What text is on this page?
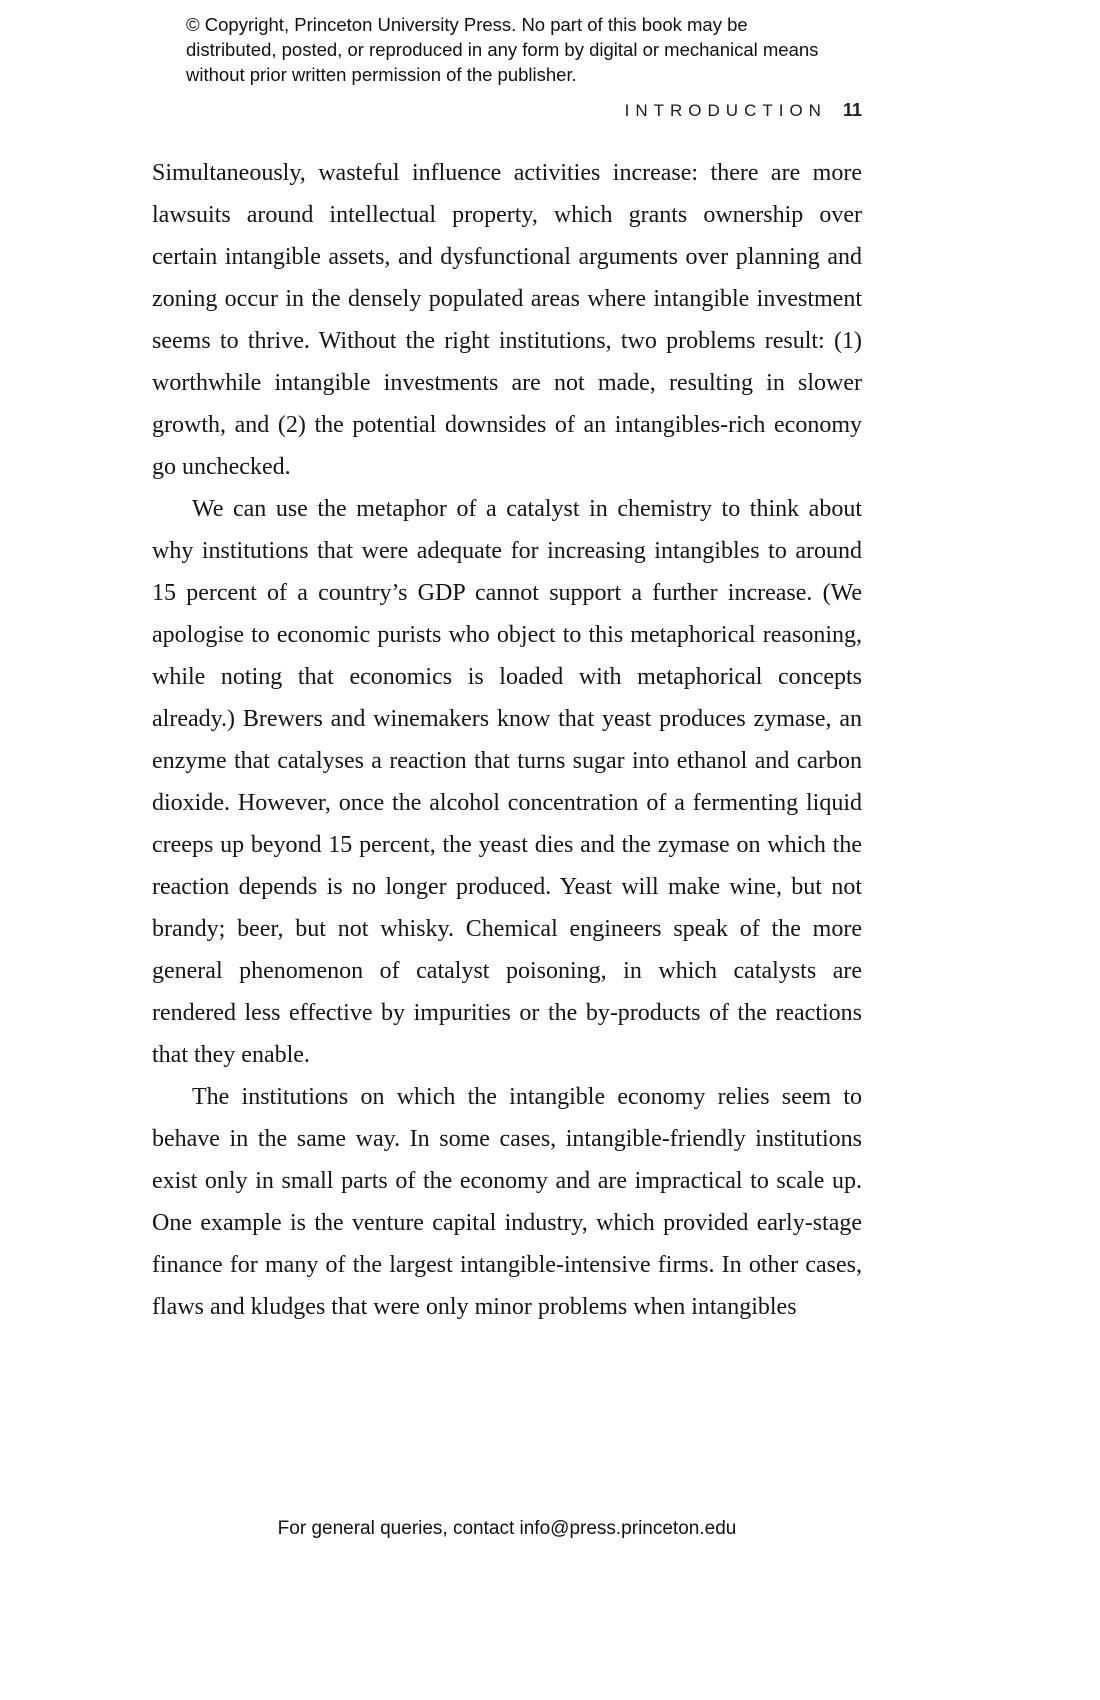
© Copyright, Princeton University Press. No part of this book may be distributed, posted, or reproduced in any form by digital or mechanical means without prior written permission of the publisher.
INTRODUCTION 11

Simultaneously, wasteful influence activities increase: there are more lawsuits around intellectual property, which grants ownership over certain intangible assets, and dysfunctional arguments over planning and zoning occur in the densely populated areas where intangible investment seems to thrive. Without the right institutions, two problems result: (1) worthwhile intangible investments are not made, resulting in slower growth, and (2) the potential downsides of an intangibles-rich economy go unchecked.

We can use the metaphor of a catalyst in chemistry to think about why institutions that were adequate for increasing intangibles to around 15 percent of a country’s GDP cannot support a further increase. (We apologise to economic purists who object to this metaphorical reasoning, while noting that economics is loaded with metaphorical concepts already.) Brewers and winemakers know that yeast produces zymase, an enzyme that catalyses a reaction that turns sugar into ethanol and carbon dioxide. However, once the alcohol concentration of a fermenting liquid creeps up beyond 15 percent, the yeast dies and the zymase on which the reaction depends is no longer produced. Yeast will make wine, but not brandy; beer, but not whisky. Chemical engineers speak of the more general phenomenon of catalyst poisoning, in which catalysts are rendered less effective by impurities or the by-products of the reactions that they enable.

The institutions on which the intangible economy relies seem to behave in the same way. In some cases, intangible-friendly institutions exist only in small parts of the economy and are impractical to scale up. One example is the venture capital industry, which provided early-stage finance for many of the largest intangible-intensive firms. In other cases, flaws and kludges that were only minor problems when intangibles

For general queries, contact info@press.princeton.edu
